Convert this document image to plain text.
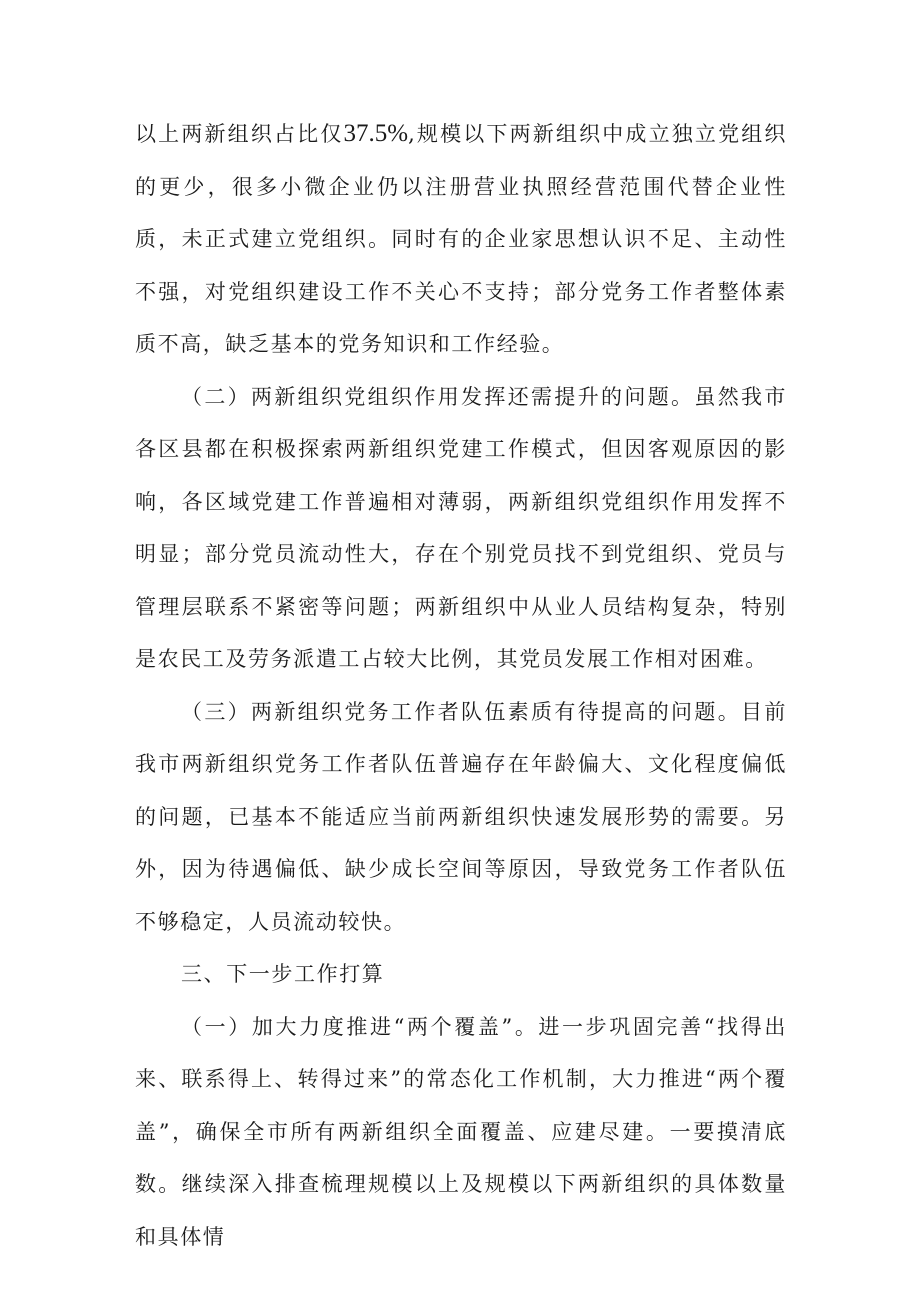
以上两新组织占比仅37.5%,规模以下两新组织中成立独立党组织的更少，很多小微企业仍以注册营业执照经营范围代替企业性质，未正式建立党组织。同时有的企业家思想认识不足、主动性不强，对党组织建设工作不关心不支持；部分党务工作者整体素质不高，缺乏基本的党务知识和工作经验。

（二）两新组织党组织作用发挥还需提升的问题。虽然我市各区县都在积极探索两新组织党建工作模式，但因客观原因的影响，各区域党建工作普遍相对薄弱，两新组织党组织作用发挥不明显；部分党员流动性大，存在个别党员找不到党组织、党员与管理层联系不紧密等问题；两新组织中从业人员结构复杂，特别是农民工及劳务派遣工占较大比例，其党员发展工作相对困难。

（三）两新组织党务工作者队伍素质有待提高的问题。目前我市两新组织党务工作者队伍普遍存在年龄偏大、文化程度偏低的问题，已基本不能适应当前两新组织快速发展形势的需要。另外，因为待遇偏低、缺少成长空间等原因，导致党务工作者队伍不够稳定，人员流动较快。

三、下一步工作打算

（一）加大力度推进“两个覆盖”。进一步巩固完善“找得出来、联系得上、转得过来”的常态化工作机制，大力推进“两个覆盖”，确保全市所有两新组织全面覆盖、应建尽建。一要摸清底数。继续深入排查梳理规模以上及规模以下两新组织的具体数量和具体情
